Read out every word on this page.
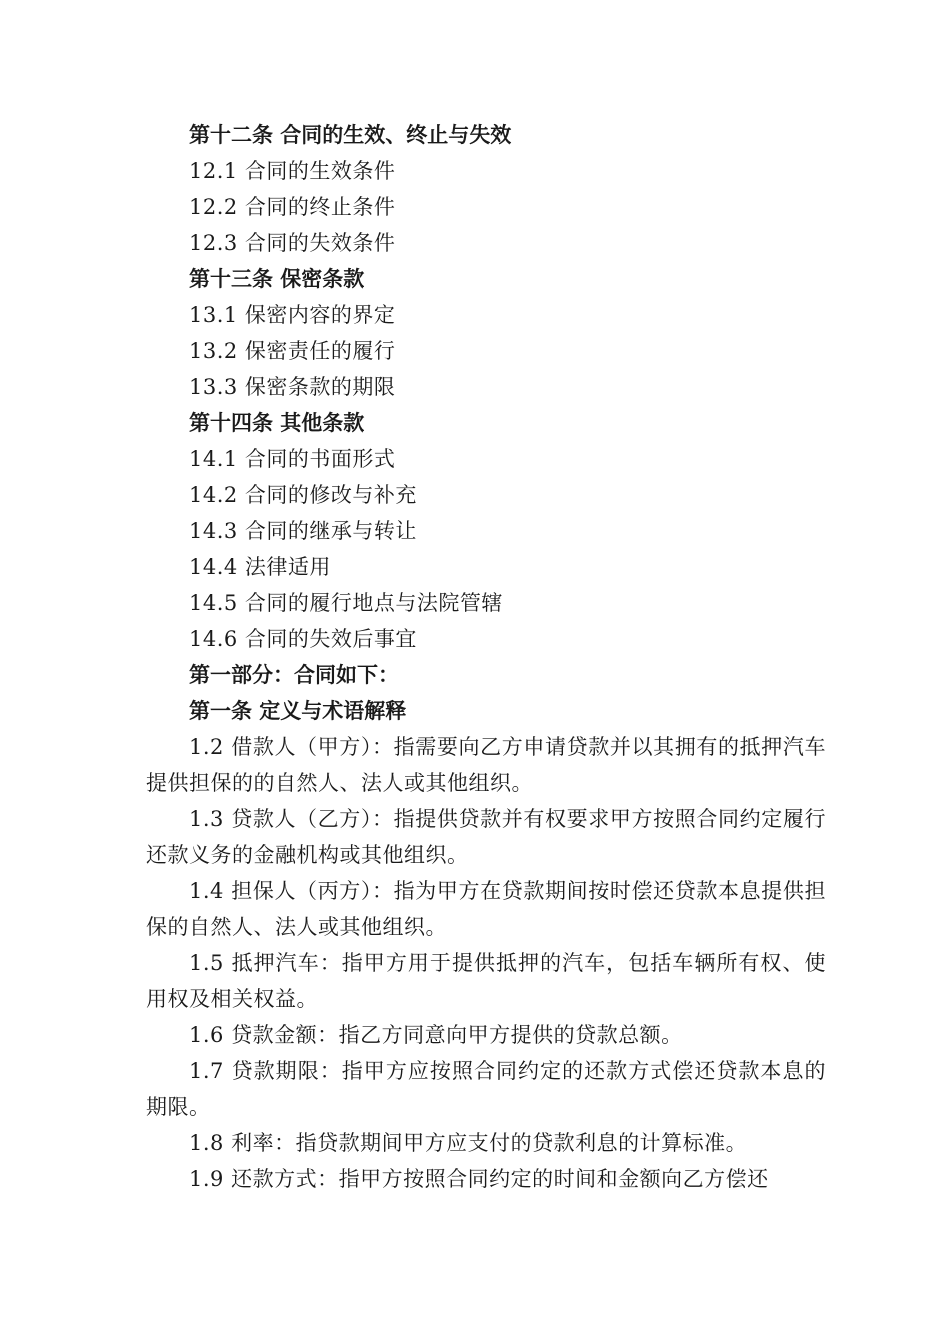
第十二条 合同的生效、终止与失效
12.1 合同的生效条件
12.2 合同的终止条件
12.3 合同的失效条件
第十三条 保密条款
13.1 保密内容的界定
13.2 保密责任的履行
13.3 保密条款的期限
第十四条 其他条款
14.1 合同的书面形式
14.2 合同的修改与补充
14.3 合同的继承与转让
14.4 法律适用
14.5 合同的履行地点与法院管辖
14.6 合同的失效后事宜
第一部分：合同如下：
第一条 定义与术语解释

1.2 借款人（甲方）：指需要向乙方申请贷款并以其拥有的抵押汽车提供担保的的自然人、法人或其他组织。

1.3 贷款人（乙方）：指提供贷款并有权要求甲方按照合同约定履行还款义务的金融机构或其他组织。

1.4 担保人（丙方）：指为甲方在贷款期间按时偿还贷款本息提供担保的自然人、法人或其他组织。

1.5 抵押汽车：指甲方用于提供抵押的汽车，包括车辆所有权、使用权及相关权益。

1.6 贷款金额：指乙方同意向甲方提供的贷款总额。

1.7 贷款期限：指甲方应按照合同约定的还款方式偿还贷款本息的期限。

1.8 利率：指贷款期间甲方应支付的贷款利息的计算标准。

1.9 还款方式：指甲方按照合同约定的时间和金额向乙方偿还
